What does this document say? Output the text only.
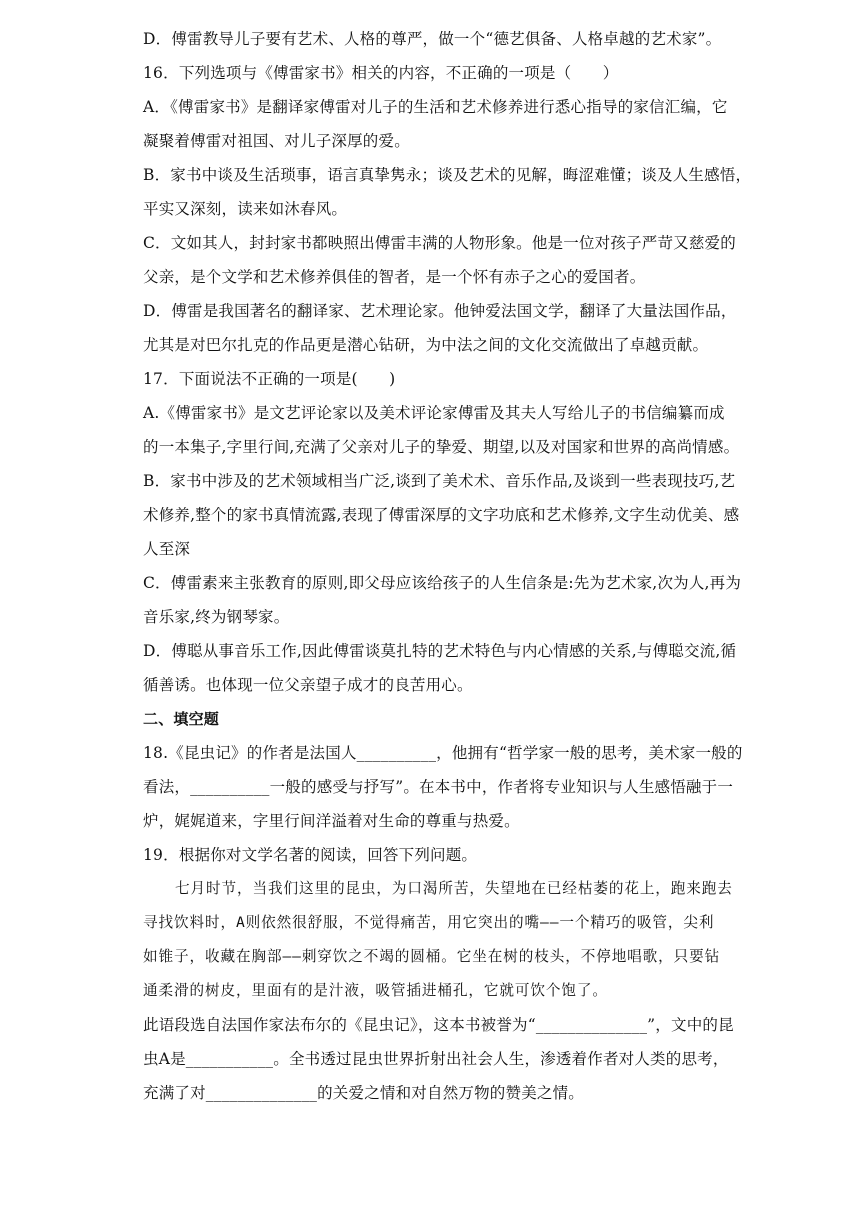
D．傅雷教导儿子要有艺术、人格的尊严，做一个“德艺俱备、人格卓越的艺术家”。
16．下列选项与《傅雷家书》相关的内容，不正确的一项是（　　）
A．《傅雷家书》是翻译家傅雷对儿子的生活和艺术修养进行悉心指导的家信汇编，它
凝聚着傅雷对祖国、对儿子深厚的爱。
B．家书中谈及生活琐事，语言真挚隽永；谈及艺术的见解，晦涩难懂；谈及人生感悟，
平实又深刻，读来如沐春风。
C．文如其人，封封家书都映照出傅雷丰满的人物形象。他是一位对孩子严苛又慈爱的
父亲，是个文学和艺术修养俱佳的智者，是一个怀有赤子之心的爱国者。
D．傅雷是我国著名的翻译家、艺术理论家。他钟爱法国文学，翻译了大量法国作品，
尤其是对巴尔扎克的作品更是潜心钻研，为中法之间的文化交流做出了卓越贡献。
17．下面说法不正确的一项是(　　)
A.《傅雷家书》是文艺评论家以及美术评论家傅雷及其夫人写给儿子的书信编纂而成
的一本集子,字里行间,充满了父亲对儿子的挚爱、期望,以及对国家和世界的高尚情感。
B．家书中涉及的艺术领域相当广泛,谈到了美术术、音乐作品,及谈到一些表现技巧,艺
术修养,整个的家书真情流露,表现了傅雷深厚的文字功底和艺术修养,文字生动优美、感
人至深
C．傅雷素来主张教育的原则,即父母应该给孩子的人生信条是:先为艺术家,次为人,再为
音乐家,终为钢琴家。
D．傅聪从事音乐工作,因此傅雷谈莫扎特的艺术特色与内心情感的关系,与傅聪交流,循
循善诱。也体现一位父亲望子成才的良苦用心。
二、填空题
18.《昆虫记》的作者是法国人__________，他拥有“哲学家一般的思考，美术家一般的
看法，__________一般的感受与抒写”。在本书中，作者将专业知识与人生感悟融于一
炉，娓娓道来，字里行间洋溢着对生命的尊重与热爱。
19．根据你对文学名著的阅读，回答下列问题。
七月时节，当我们这里的昆虫，为口渴所苦，失望地在已经枯萎的花上，跑来跑去
寻找饮料时，A则依然很舒服，不觉得痛苦，用它突出的嘴——一个精巧的吸管，尖利
如锥子，收藏在胸部——刺穿饮之不竭的圆桶。它坐在树的枝头，不停地唱歌，只要钻
通柔滑的树皮，里面有的是汁液，吸管插进桶孔，它就可饮个饱了。
此语段选自法国作家法布尔的《昆虫记》，这本书被誉为“______________”，文中的昆
虫A是___________。全书透过昆虫世界折射出社会人生，渗透着作者对人类的思考，
充满了对______________的关爱之情和对自然万物的赞美之情。
